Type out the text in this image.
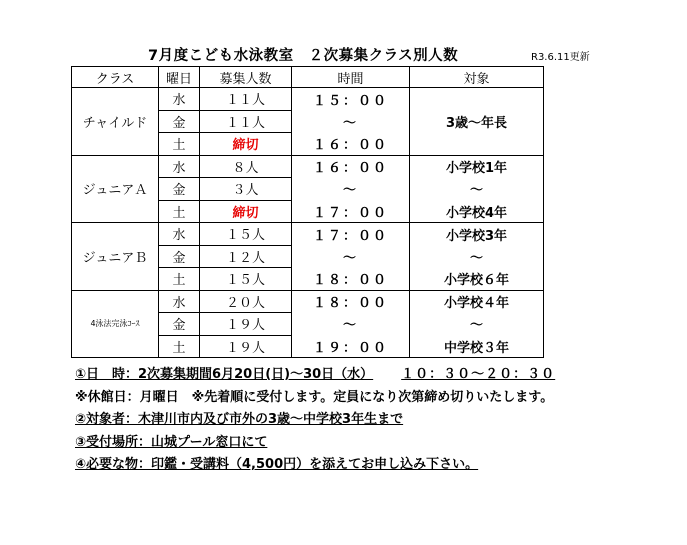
7月度こども水泳教室　２次募集クラス別人数	R3.6.11更新
クラス	曜日	募集人数	時間	対象
チャイルド	水	１１人	１５：００	
	金	１１人	～	3歳～年長
	土	締切	１６：００	
ジュニアＡ	水	８人	１６：００	小学校1年
	金	３人	～	～
	土	締切	１７：００	小学校4年
ジュニアＢ	水	１５人	１７：００	小学校3年
	金	１２人	～	～
	土	１５人	１８：００	小学校６年
4泳法完泳ｺｰｽ	水	２０人	１８：００	小学校４年
	金	１９人	～	～
	土	１９人	１９：００	中学校３年
①日　時：2次募集期間6月20日(日)～30日（水） １０：３０～２０：３０
※休館日：月曜日　※先着順に受付します。定員になり次第締め切りいたします。
②対象者：木津川市内及び市外の3歳～中学校3年生まで
③受付場所：山城プール窓口にて
④必要な物：印鑑・受講料（4,500円）を添えてお申し込み下さい。
